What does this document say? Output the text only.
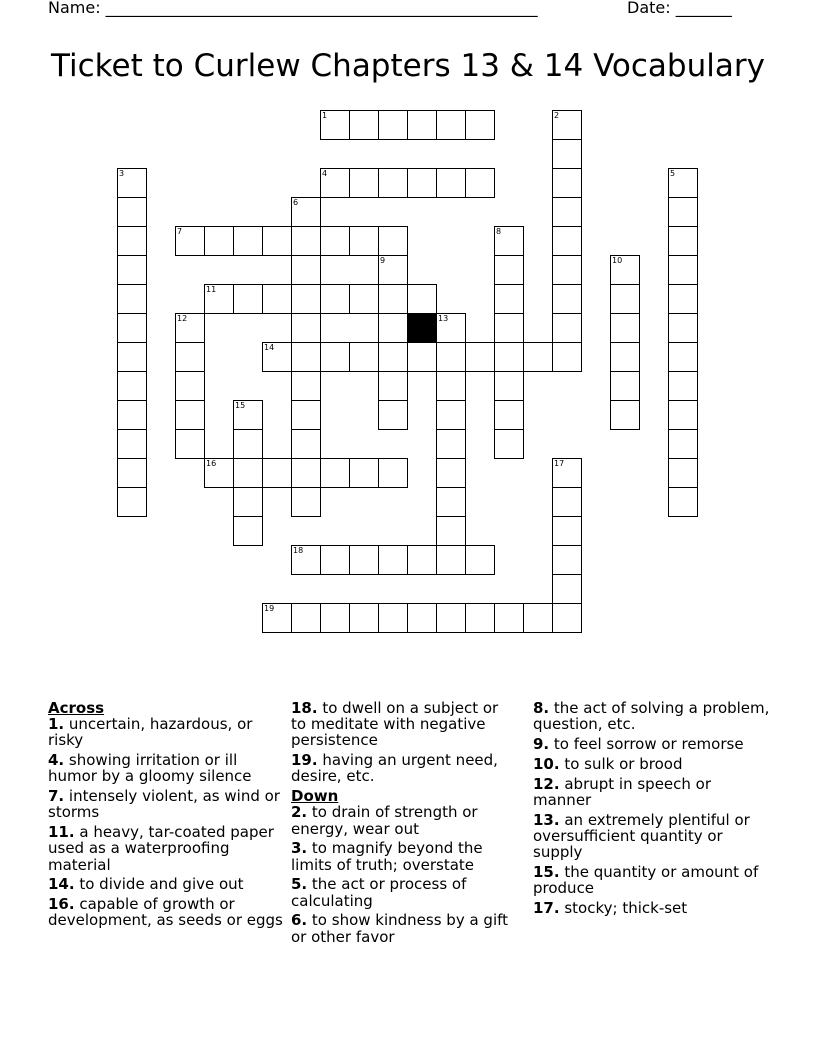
Name: ______________________________________________________	Date: _______
Ticket to Curlew Chapters 13 & 14 Vocabulary
1	2
3	4	5
6
7	8
9	10
11
12	13
14
15
16	17
18
19
Across
1. uncertain, hazardous, or risky
4. showing irritation or ill humor by a gloomy silence
7. intensely violent, as wind or storms
11. a heavy, tar-coated paper used as a waterproofing material
14. to divide and give out
16. capable of growth or development, as seeds or eggs
18. to dwell on a subject or to meditate with negative persistence
19. having an urgent need, desire, etc.
Down
2. to drain of strength or energy, wear out
3. to magnify beyond the limits of truth; overstate
5. the act or process of calculating
6. to show kindness by a gift or other favor
8. the act of solving a problem, question, etc.
9. to feel sorrow or remorse
10. to sulk or brood
12. abrupt in speech or manner
13. an extremely plentiful or oversufficient quantity or supply
15. the quantity or amount of produce
17. stocky; thick-set
